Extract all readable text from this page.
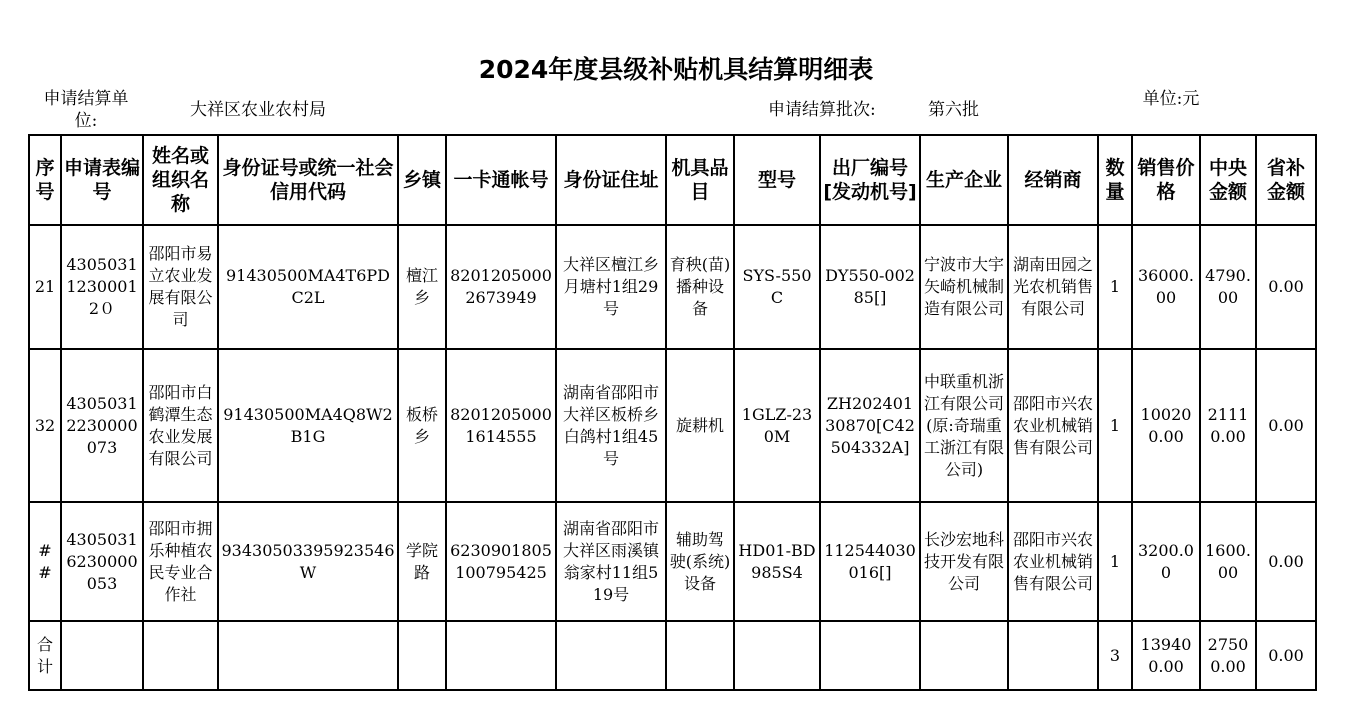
2024年度县级补贴机具结算明细表
申请结算单位:
大祥区农业农村局	申请结算批次:	第六批
单位:元
序号	申请表编号	姓名或组织名称	身份证号或统一社会信用代码	乡镇	一卡通帐号	身份证住址	机具品目	型号	出厂编号[发动机号]	生产企业	经销商	数量	销售价格	中央金额	省补金额
21	430503112300012０	邵阳市易立农业发展有限公司	91430500MA4T6PDC2L	檀江乡	82012050002673949	大祥区檀江乡月塘村1组29号	育秧(苗)播种设备	SYS-550C	DY550-00285[]	宁波市大宇矢崎机械制造有限公司	湖南田园之光农机销售有限公司	1	36000.00	4790.00	0.00
32	43050312230000073	邵阳市白鹤潭生态农业发展有限公司	91430500MA4Q8W2B1G	板桥乡	82012050001614555	湖南省邵阳市大祥区板桥乡白鸽村1组45号	旋耕机	1GLZ-230M	ZH20240130870[C42504332A]	中联重机浙江有限公司(原:奇瑞重工浙江有限公司)	邵阳市兴农农业机械销售有限公司	1	100200.00	21110.00	0.00
##	43050316230000053	邵阳市拥乐种植农民专业合作社	93430503395923546W	学院路	6230901805100795425	湖南省邵阳市大祥区雨溪镇翁家村11组519号	辅助驾驶(系统)设备	HD01-BD985S4	112544030016[]	长沙宏地科技开发有限公司	邵阳市兴农农业机械销售有限公司	1	3200.00	1600.00	0.00
合计												3	139400.00	27500.00	0.00
